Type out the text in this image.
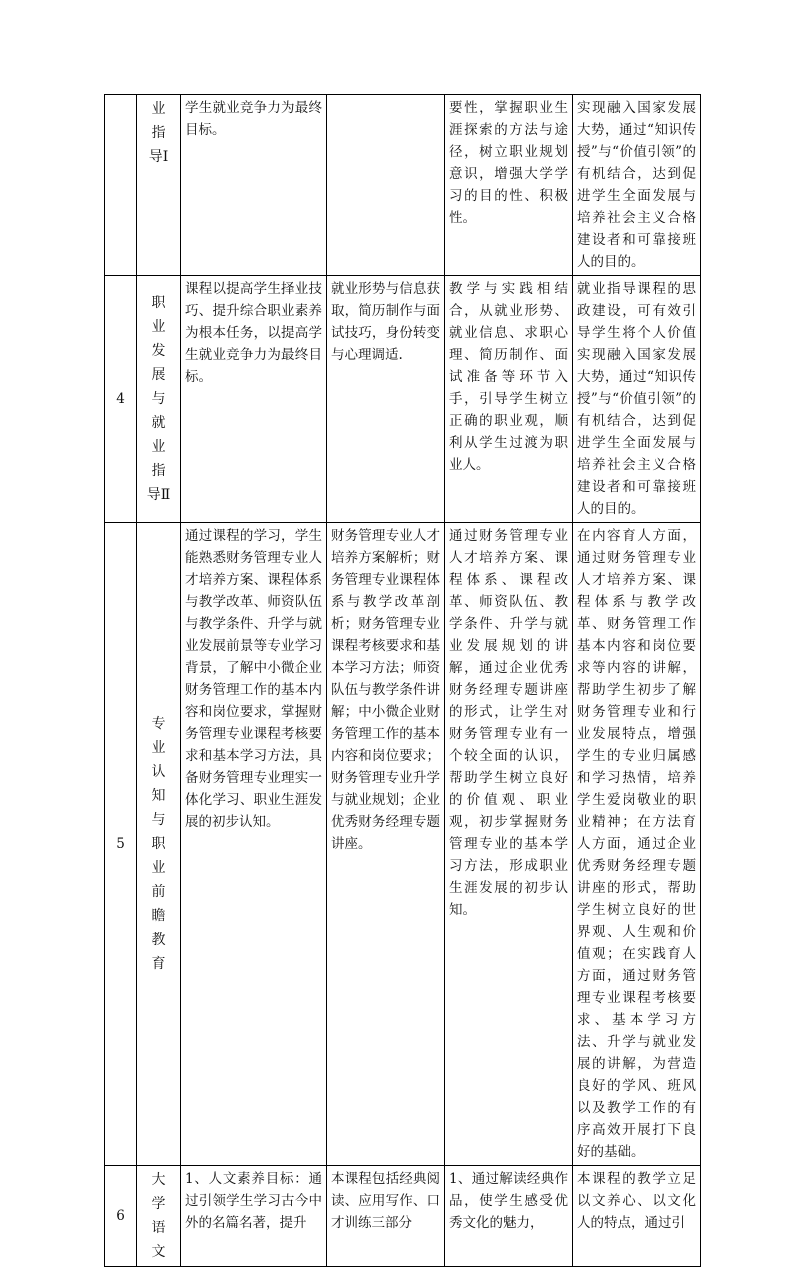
	业指导Ⅰ	学生就业竞争力为最终目标。		要性，掌握职业生涯探索的方法与途径，树立职业规划意识，增强大学学习的目的性、积极性。	实现融入国家发展大势，通过“知识传授”与“价值引领”的有机结合，达到促进学生全面发展与培养社会主义合格建设者和可靠接班人的目的。
4	职业发展与就业指导Ⅱ	课程以提高学生择业技巧、提升综合职业素养为根本任务，以提高学生就业竞争力为最终目标。	就业形势与信息获取，简历制作与面试技巧，身份转变与心理调适.	教学与实践相结合，从就业形势、就业信息、求职心理、简历制作、面试准备等环节入手，引导学生树立正确的职业观，顺利从学生过渡为职业人。	就业指导课程的思政建设，可有效引导学生将个人价值实现融入国家发展大势，通过“知识传授”与“价值引领”的有机结合，达到促进学生全面发展与培养社会主义合格建设者和可靠接班人的目的。
5	专业认知与职业前瞻教育	通过课程的学习，学生能熟悉财务管理专业人才培养方案、课程体系与教学改革、师资队伍与教学条件、升学与就业发展前景等专业学习背景，了解中小微企业财务管理工作的基本内容和岗位要求，掌握财务管理专业课程考核要求和基本学习方法，具备财务管理专业理实一体化学习、职业生涯发展的初步认知。	财务管理专业人才培养方案解析；财务管理专业课程体系与教学改革剖析；财务管理专业课程考核要求和基本学习方法；师资队伍与教学条件讲解；中小微企业财务管理工作的基本内容和岗位要求；财务管理专业升学与就业规划；企业优秀财务经理专题讲座。	通过财务管理专业人才培养方案、课程体系、课程改革、师资队伍、教学条件、升学与就业发展规划的讲解，通过企业优秀财务经理专题讲座的形式，让学生对财务管理专业有一个较全面的认识，帮助学生树立良好的价值观、职业观，初步掌握财务管理专业的基本学习方法，形成职业生涯发展的初步认知。	在内容育人方面，通过财务管理专业人才培养方案、课程体系与教学改革、财务管理工作基本内容和岗位要求等内容的讲解，帮助学生初步了解财务管理专业和行业发展特点，增强学生的专业归属感和学习热情，培养学生爱岗敬业的职业精神；在方法育人方面，通过企业优秀财务经理专题讲座的形式，帮助学生树立良好的世界观、人生观和价值观；在实践育人方面，通过财务管理专业课程考核要求、基本学习方法、升学与就业发展的讲解，为营造良好的学风、班风以及教学工作的有序高效开展打下良好的基础。
6	大学语文	1、人文素养目标：通过引领学生学习古今中外的名篇名著，提升	本课程包括经典阅读、应用写作、口才训练三部分	1、通过解读经典作品，使学生感受优秀文化的魅力，	本课程的教学立足以文养心、以文化人的特点，通过引
